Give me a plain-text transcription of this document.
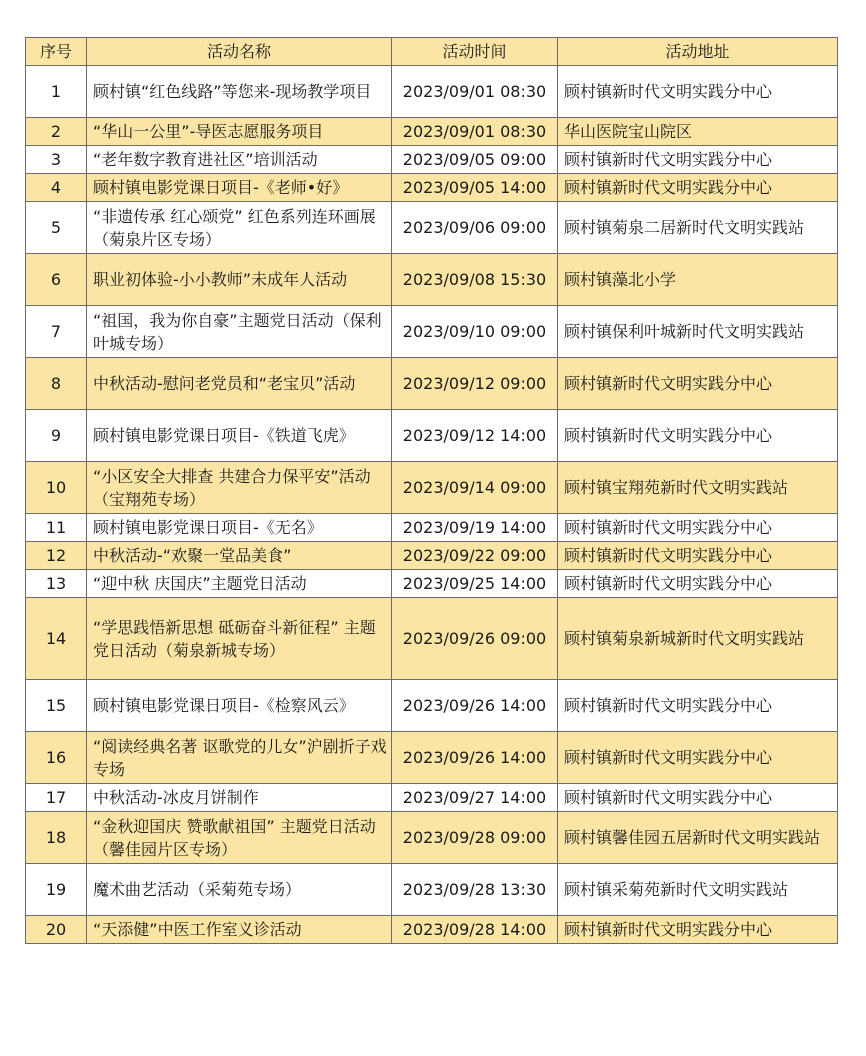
序号	活动名称	活动时间	活动地址
1	顾村镇“红色线路”等您来-现场教学项目	2023/09/01 08:30	顾村镇新时代文明实践分中心
2	“华山一公里”-导医志愿服务项目	2023/09/01 08:30	华山医院宝山院区
3	“老年数字教育进社区”培训活动	2023/09/05 09:00	顾村镇新时代文明实践分中心
4	顾村镇电影党课日项目-《老师•好》	2023/09/05 14:00	顾村镇新时代文明实践分中心
5	“非遗传承 红心颂党” 红色系列连环画展（菊泉片区专场）	2023/09/06 09:00	顾村镇菊泉二居新时代文明实践站
6	职业初体验-小小教师”未成年人活动	2023/09/08 15:30	顾村镇藻北小学
7	“祖国，我为你自豪”主题党日活动（保利叶城专场）	2023/09/10 09:00	顾村镇保利叶城新时代文明实践站
8	中秋活动-慰问老党员和“老宝贝”活动	2023/09/12 09:00	顾村镇新时代文明实践分中心
9	顾村镇电影党课日项目-《铁道飞虎》	2023/09/12 14:00	顾村镇新时代文明实践分中心
10	“小区安全大排查 共建合力保平安”活动（宝翔苑专场）	2023/09/14 09:00	顾村镇宝翔苑新时代文明实践站
11	顾村镇电影党课日项目-《无名》	2023/09/19 14:00	顾村镇新时代文明实践分中心
12	中秋活动-“欢聚一堂品美食”	2023/09/22 09:00	顾村镇新时代文明实践分中心
13	“迎中秋 庆国庆”主题党日活动	2023/09/25 14:00	顾村镇新时代文明实践分中心
14	“学思践悟新思想 砥砺奋斗新征程” 主题党日活动（菊泉新城专场）	2023/09/26 09:00	顾村镇菊泉新城新时代文明实践站
15	顾村镇电影党课日项目-《检察风云》	2023/09/26 14:00	顾村镇新时代文明实践分中心
16	“阅读经典名著 讴歌党的儿女”沪剧折子戏专场	2023/09/26 14:00	顾村镇新时代文明实践分中心
17	中秋活动-冰皮月饼制作	2023/09/27 14:00	顾村镇新时代文明实践分中心
18	“金秋迎国庆 赞歌献祖国” 主题党日活动（馨佳园片区专场）	2023/09/28 09:00	顾村镇馨佳园五居新时代文明实践站
19	魔术曲艺活动（采菊苑专场）	2023/09/28 13:30	顾村镇采菊苑新时代文明实践站
20	“天添健”中医工作室义诊活动	2023/09/28 14:00	顾村镇新时代文明实践分中心
